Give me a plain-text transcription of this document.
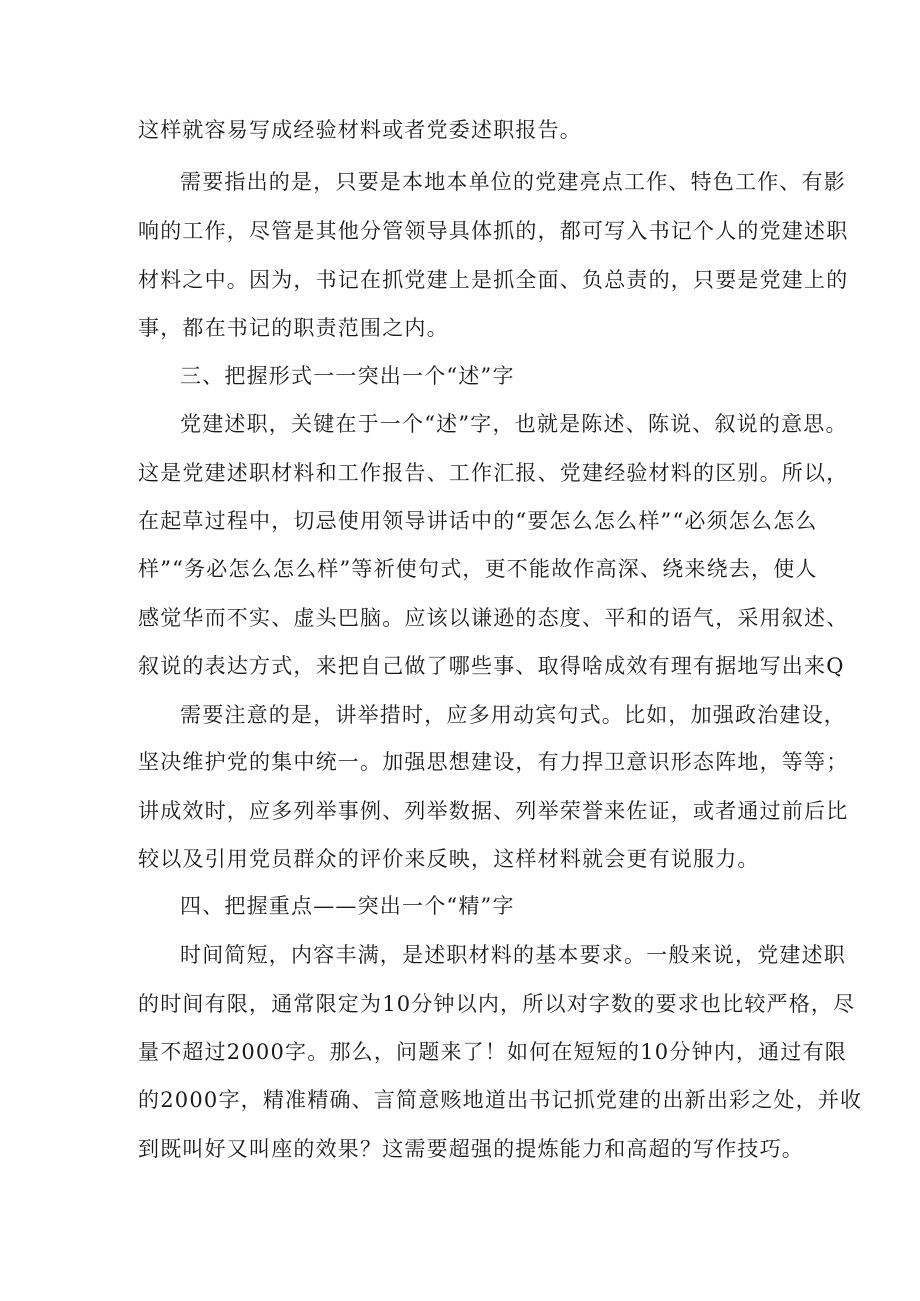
这样就容易写成经验材料或者党委述职报告。
需要指出的是，只要是本地本单位的党建亮点工作、特色工作、有影
响的工作，尽管是其他分管领导具体抓的，都可写入书记个人的党建述职
材料之中。因为，书记在抓党建上是抓全面、负总责的，只要是党建上的
事，都在书记的职责范围之内。
三、把握形式一一突出一个“述”字
党建述职，关键在于一个“述”字，也就是陈述、陈说、叙说的意思。
这是党建述职材料和工作报告、工作汇报、党建经验材料的区别。所以，
在起草过程中，切忌使用领导讲话中的“要怎么怎么样”“必须怎么怎么
样”“务必怎么怎么样”等祈使句式，更不能故作高深、绕来绕去，使人
感觉华而不实、虚头巴脑。应该以谦逊的态度、平和的语气，采用叙述、
叙说的表达方式，来把自己做了哪些事、取得啥成效有理有据地写出来Q
需要注意的是，讲举措时，应多用动宾句式。比如，加强政治建设，
坚决维护党的集中统一。加强思想建设，有力捍卫意识形态阵地，等等；
讲成效时，应多列举事例、列举数据、列举荣誉来佐证，或者通过前后比
较以及引用党员群众的评价来反映，这样材料就会更有说服力。
四、把握重点——突出一个“精”字
时间简短，内容丰满，是述职材料的基本要求。一般来说，党建述职
的时间有限，通常限定为10分钟以内，所以对字数的要求也比较严格，尽
量不超过2000字。那么，问题来了！如何在短短的10分钟内，通过有限
的2000字，精准精确、言简意赅地道出书记抓党建的出新出彩之处，并收
到既叫好又叫座的效果？这需要超强的提炼能力和高超的写作技巧。
